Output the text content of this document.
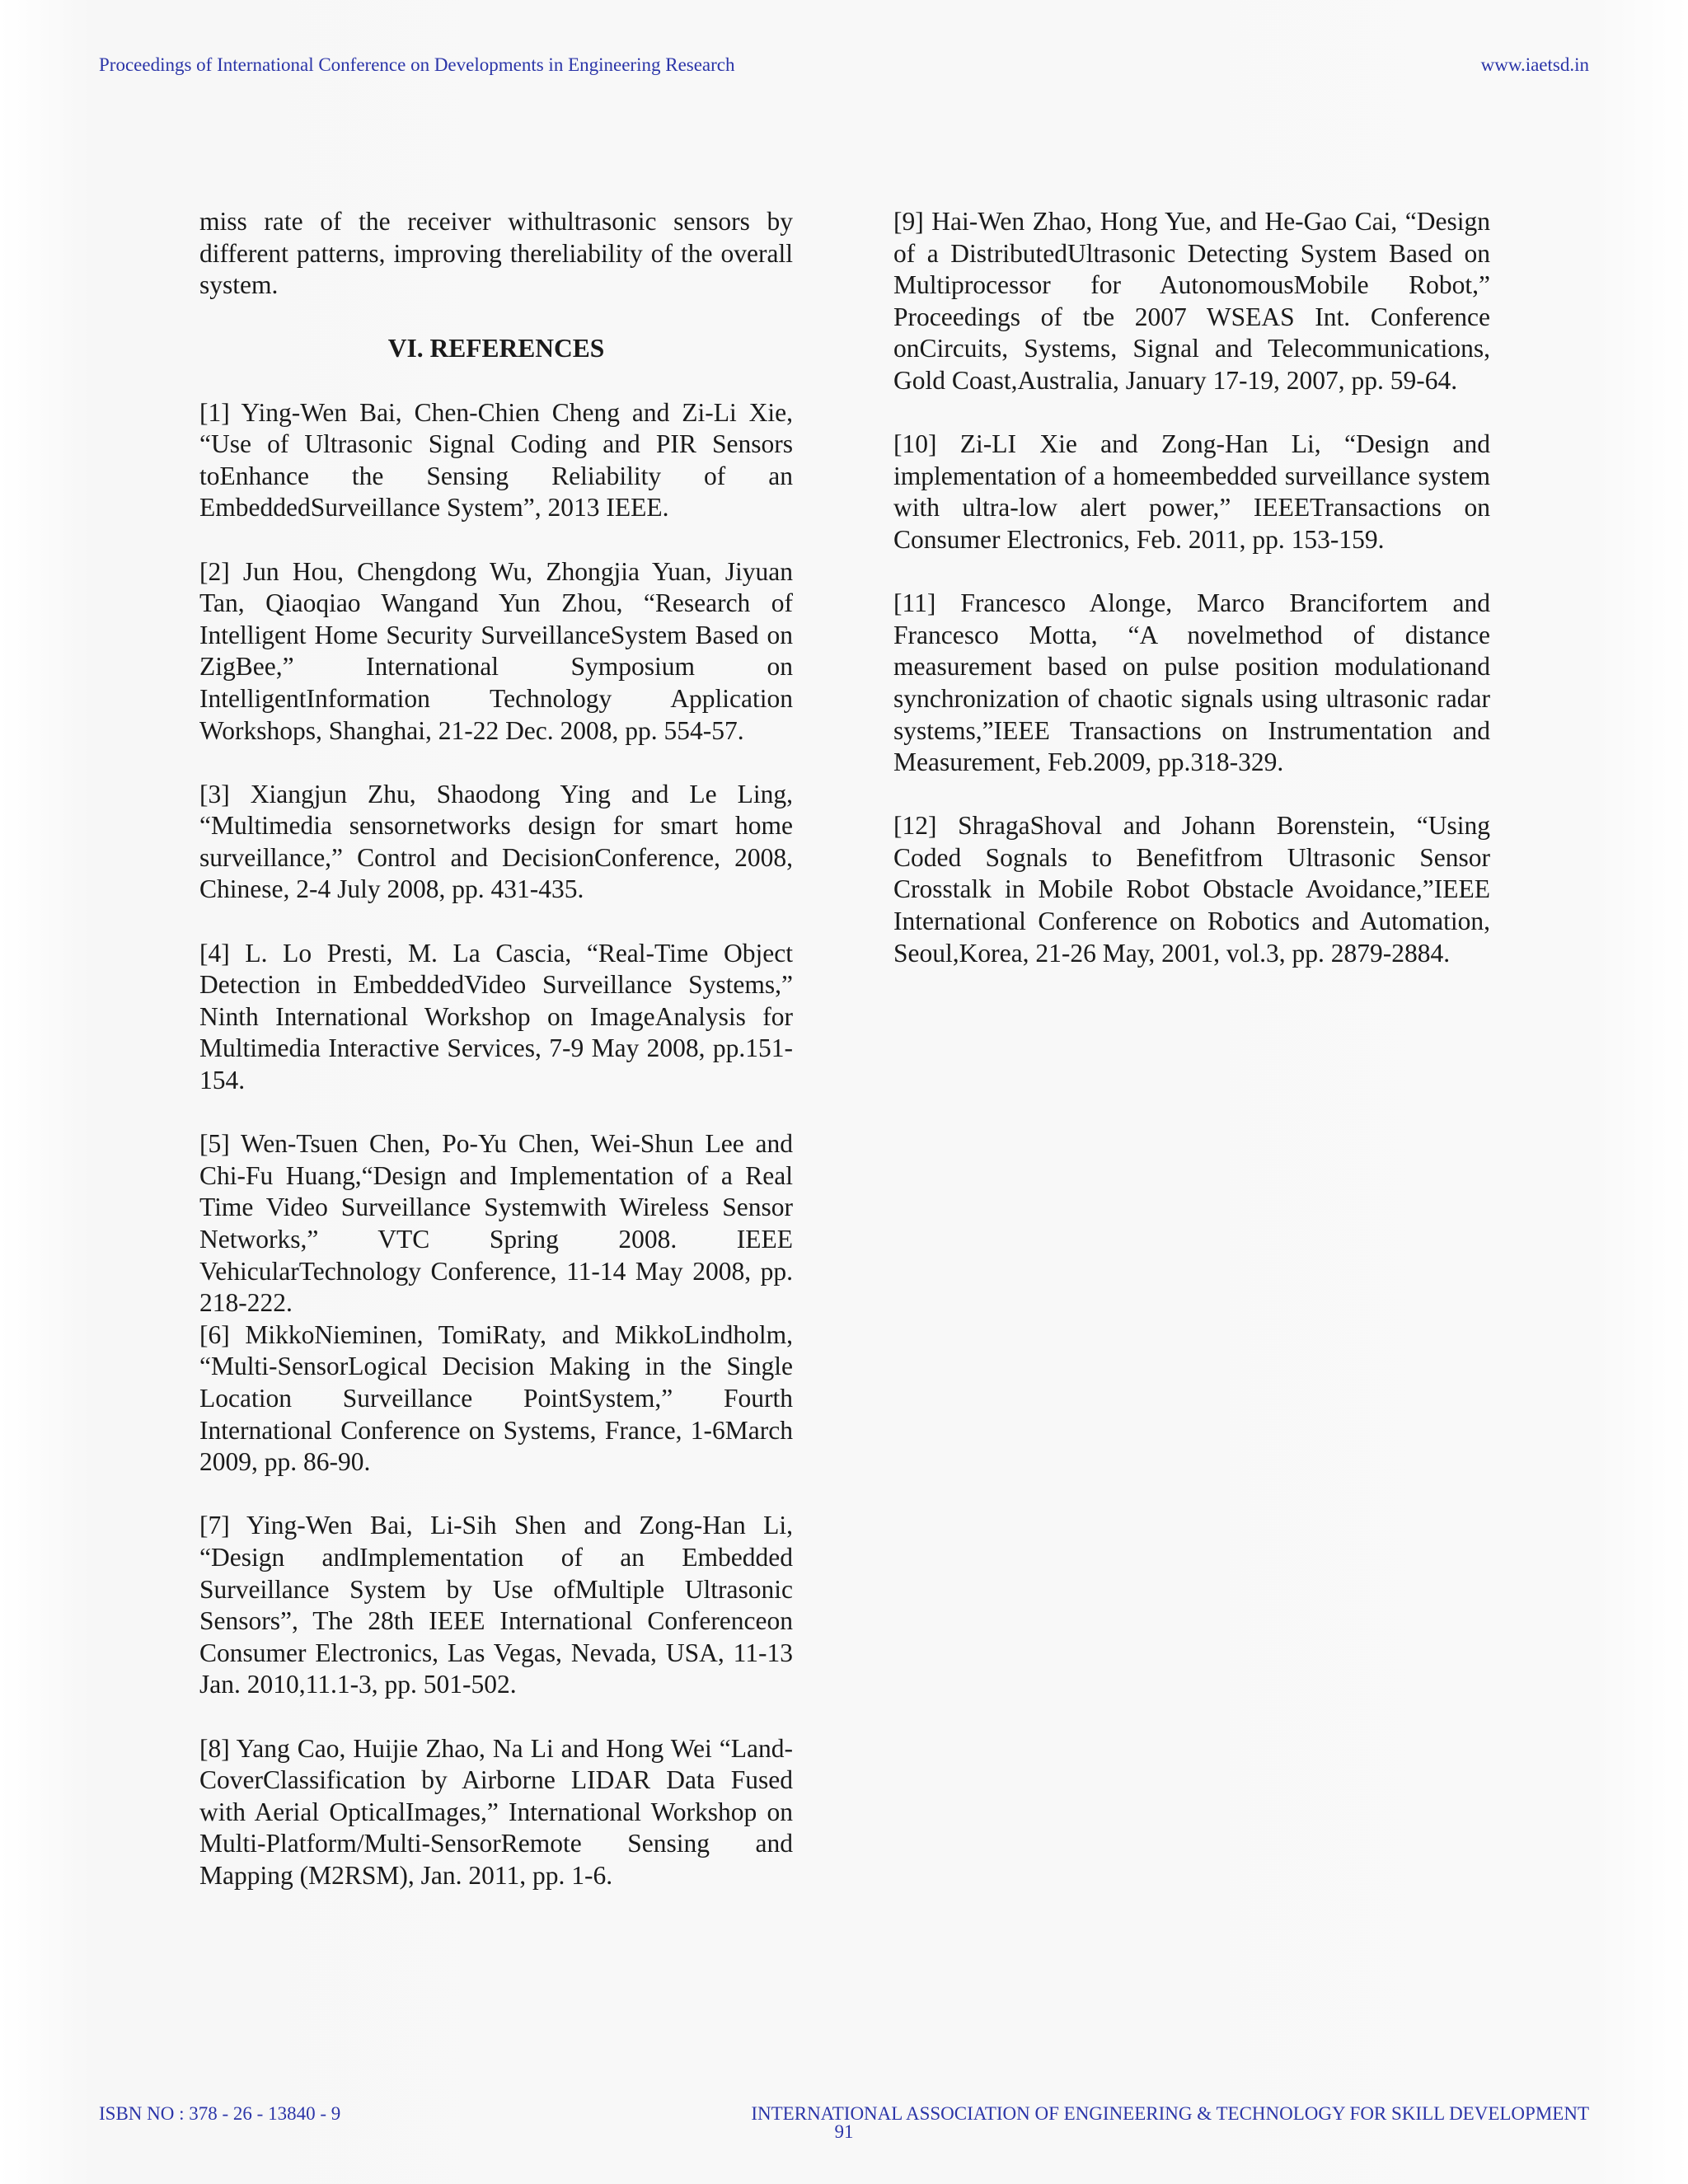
Proceedings of International Conference on Developments in Engineering Research	www.iaetsd.in

miss rate of the receiver withultrasonic sensors by different patterns, improving thereliability of the overall system.

VI. REFERENCES

[1] Ying-Wen Bai, Chen-Chien Cheng and Zi-Li Xie, “Use of Ultrasonic Signal Coding and PIR Sensors toEnhance the Sensing Reliability of an EmbeddedSurveillance System”, 2013 IEEE.

[2] Jun Hou, Chengdong Wu, Zhongjia Yuan, Jiyuan Tan, Qiaoqiao Wangand Yun Zhou, “Research of Intelligent Home Security SurveillanceSystem Based on ZigBee,” International Symposium on IntelligentInformation Technology Application Workshops, Shanghai, 21-22 Dec. 2008, pp. 554-57.

[3] Xiangjun Zhu, Shaodong Ying and Le Ling, “Multimedia sensornetworks design for smart home surveillance,” Control and DecisionConference, 2008, Chinese, 2-4 July 2008, pp. 431-435.

[4] L. Lo Presti, M. La Cascia, “Real-Time Object Detection in EmbeddedVideo Surveillance Systems,” Ninth International Workshop on ImageAnalysis for Multimedia Interactive Services, 7-9 May 2008, pp.151-154.

[5] Wen-Tsuen Chen, Po-Yu Chen, Wei-Shun Lee and Chi-Fu Huang,“Design and Implementation of a Real Time Video Surveillance Systemwith Wireless Sensor Networks,” VTC Spring 2008. IEEE VehicularTechnology Conference, 11-14 May 2008, pp. 218-222.

[6] MikkoNieminen, TomiRaty, and MikkoLindholm, “Multi-SensorLogical Decision Making in the Single Location Surveillance PointSystem,” Fourth International Conference on Systems, France, 1-6March 2009, pp. 86-90.

[7] Ying-Wen Bai, Li-Sih Shen and Zong-Han Li, “Design andImplementation of an Embedded Surveillance System by Use ofMultiple Ultrasonic Sensors”, The 28th IEEE International Conferenceon Consumer Electronics, Las Vegas, Nevada, USA, 11-13 Jan. 2010,11.1-3, pp. 501-502.

[8] Yang Cao, Huijie Zhao, Na Li and Hong Wei “Land-CoverClassification by Airborne LIDAR Data Fused with Aerial OpticalImages,” International Workshop on Multi-Platform/Multi-SensorRemote Sensing and Mapping (M2RSM), Jan. 2011, pp. 1-6.

[9] Hai-Wen Zhao, Hong Yue, and He-Gao Cai, “Design of a DistributedUltrasonic Detecting System Based on Multiprocessor for AutonomousMobile Robot,” Proceedings of tbe 2007 WSEAS Int. Conference onCircuits, Systems, Signal and Telecommunications, Gold Coast,Australia, January 17-19, 2007, pp. 59-64.

[10] Zi-LI Xie and Zong-Han Li, “Design and implementation of a homeembedded surveillance system with ultra-low alert power,” IEEETransactions on Consumer Electronics, Feb. 2011, pp. 153-159.

[11] Francesco Alonge, Marco Brancifortem and Francesco Motta, “A novelmethod of distance measurement based on pulse position modulationand synchronization of chaotic signals using ultrasonic radar systems,”IEEE Transactions on Instrumentation and Measurement, Feb.2009, pp.318-329.

[12] ShragaShoval and Johann Borenstein, “Using Coded Sognals to Benefitfrom Ultrasonic Sensor Crosstalk in Mobile Robot Obstacle Avoidance,”IEEE International Conference on Robotics and Automation, Seoul,Korea, 21-26 May, 2001, vol.3, pp. 2879-2884.

ISBN NO : 378 - 26 - 13840 - 9	INTERNATIONAL ASSOCIATION OF ENGINEERING & TECHNOLOGY FOR SKILL DEVELOPMENT
91
